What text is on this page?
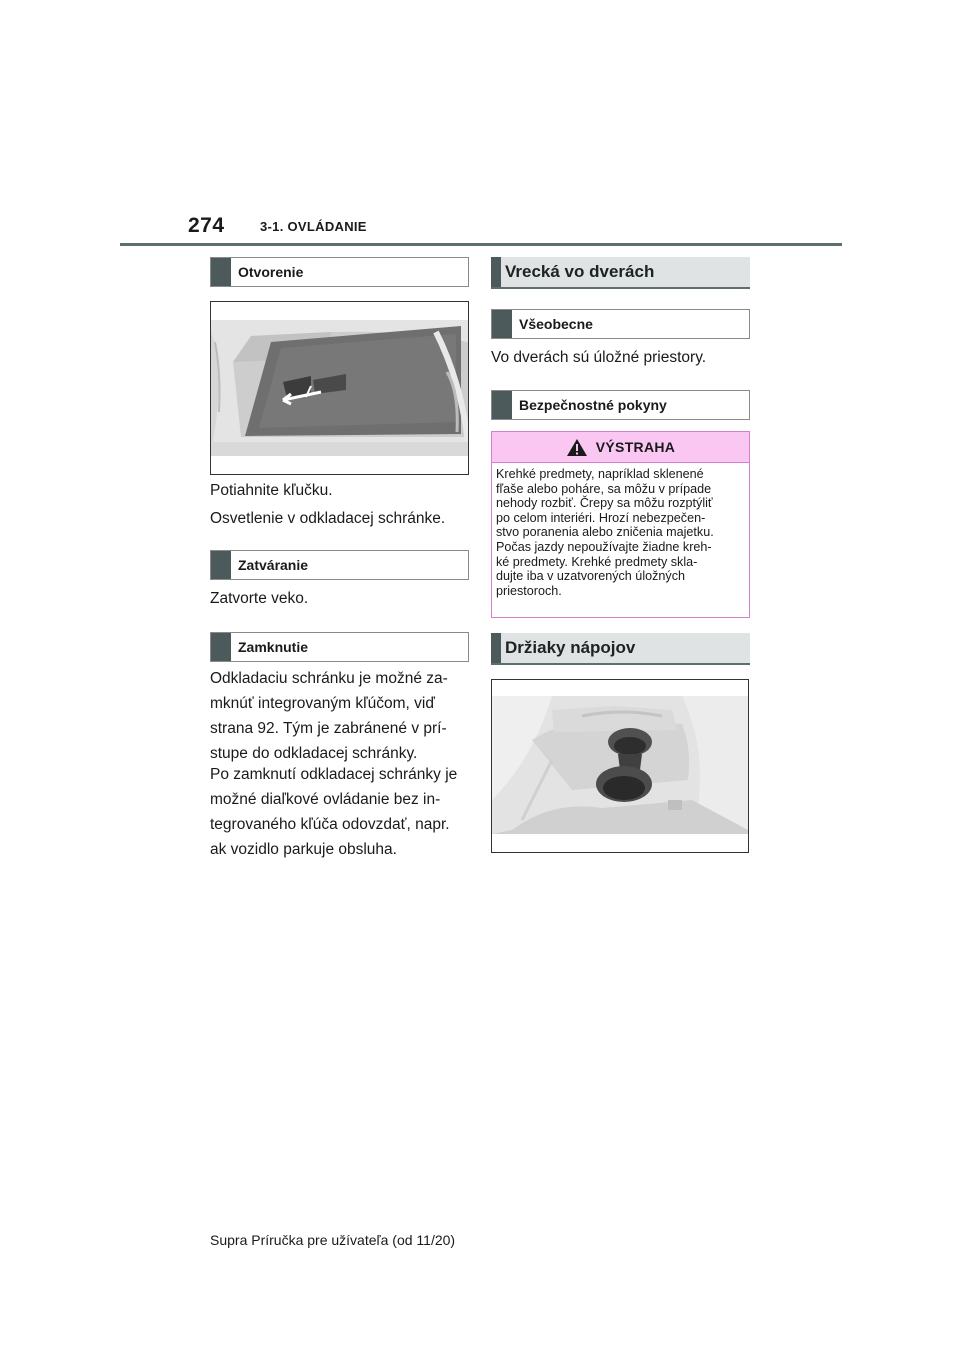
274	3-1. OVLÁDANIE
Otvorenie
Potiahnite kľučku.
Osvetlenie v odkladacej schránke.
Zatváranie
Zatvorte veko.
Zamknutie
Odkladaciu schránku je možné za-
mknúť integrovaným kľúčom, viď
strana 92. Tým je zabránené v prí-
stupe do odkladacej schránky.
Po zamknutí odkladacej schránky je
možné diaľkové ovládanie bez in-
tegrovaného kľúča odovzdať, napr.
ak vozidlo parkuje obsluha.
Vrecká vo dverách
Všeobecne
Vo dverách sú úložné priestory.
Bezpečnostné pokyny
VÝSTRAHA
Krehké predmety, napríklad sklenené
fľaše alebo poháre, sa môžu v prípade
nehody rozbiť. Črepy sa môžu rozptýliť
po celom interiéri. Hrozí nebezpečen-
stvo poranenia alebo zničenia majetku.
Počas jazdy nepoužívajte žiadne kreh-
ké predmety. Krehké predmety skla-
dujte iba v uzatvorených úložných
priestoroch.
Držiaky nápojov
Supra Príručka pre užívateľa (od 11/20)
